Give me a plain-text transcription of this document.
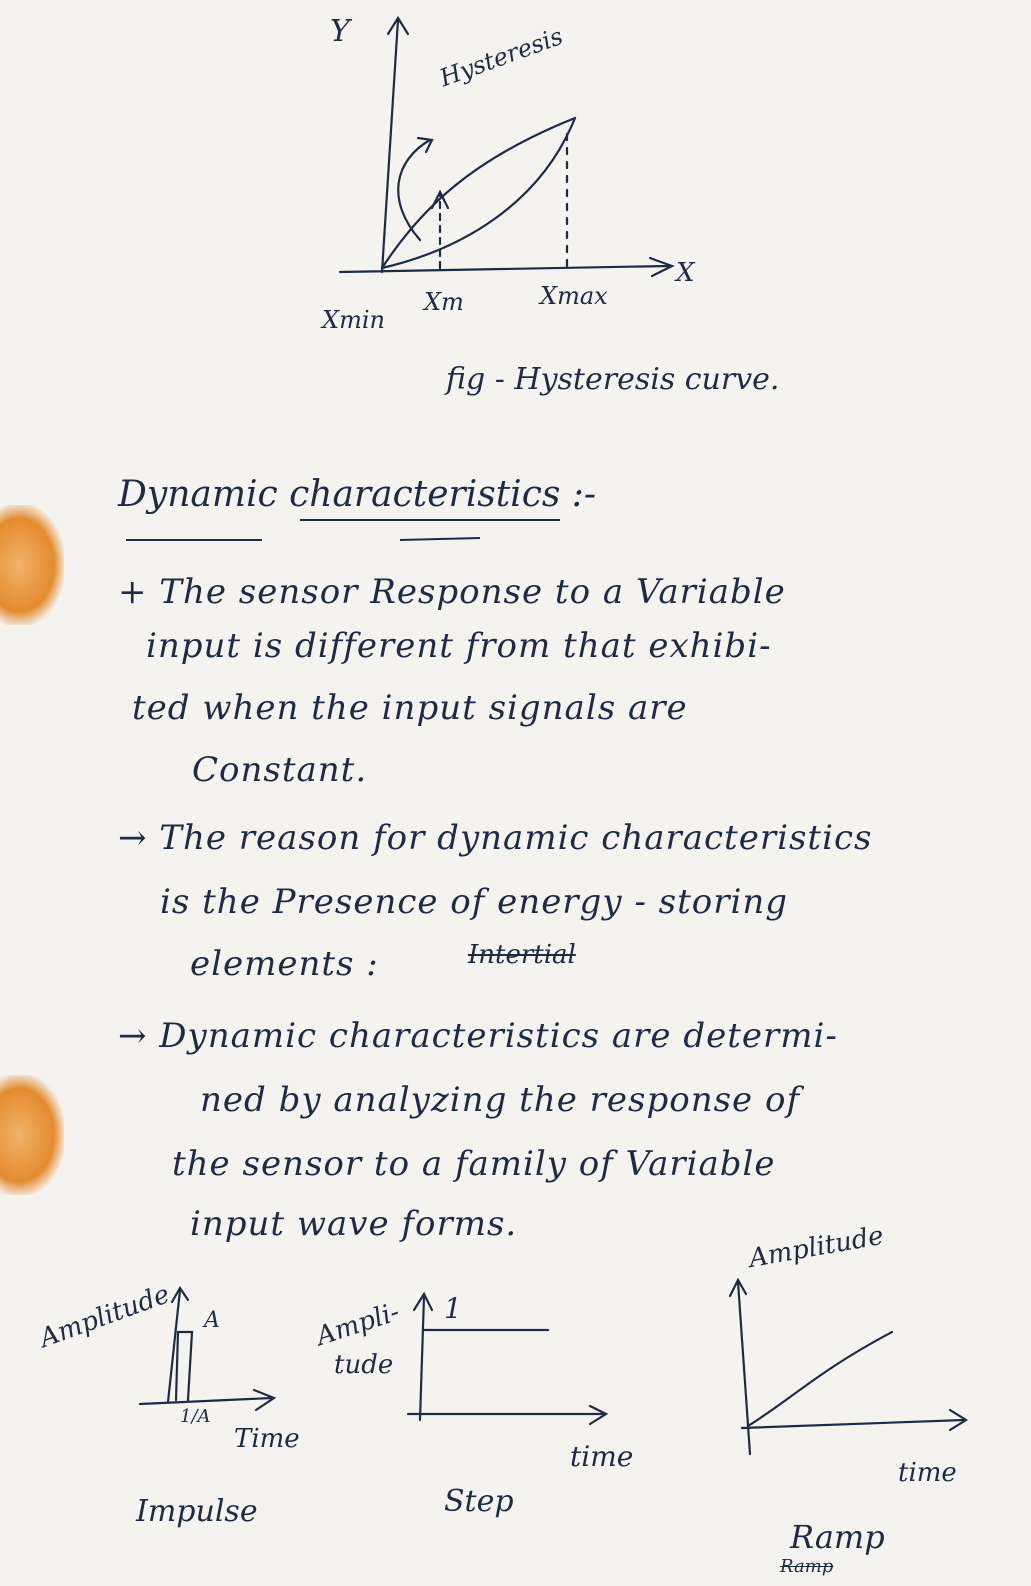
Y
X
Hysteresis
Xmin
Xm	Xmax
fig - Hysteresis curve.
Dynamic characteristics :-
+ The sensor Response to a Variable
input is different from that exhibi-
ted when the input signals are
Constant.
→ The reason for dynamic characteristics
is the Presence of energy - storing
elements :	Intertial
→ Dynamic characteristics are determi-
ned by analyzing the response of
the sensor to a family of Variable
input wave forms.
Amplitude A
1/A
Time
Impulse
Ampli-
tude
1
time
Step
Amplitude
time
Ramp
Ramp
